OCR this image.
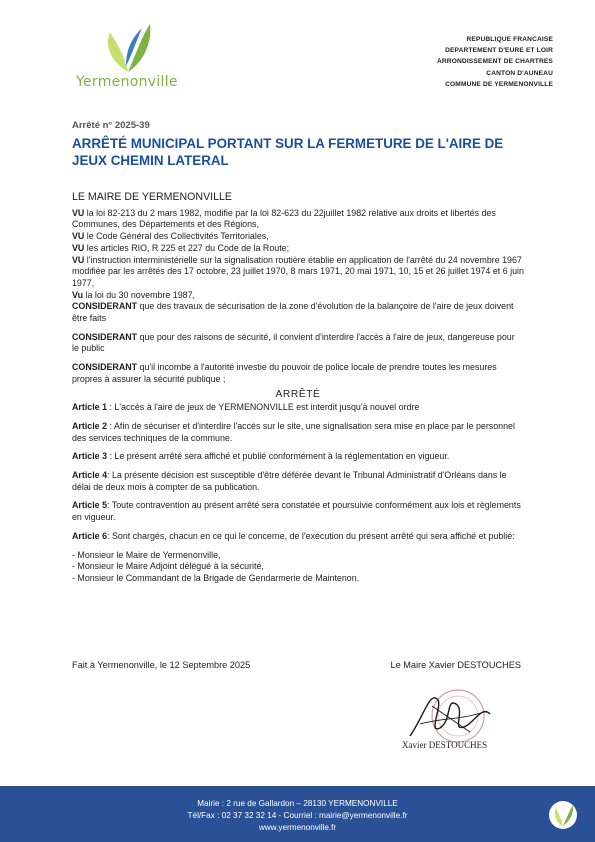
Yermenonville
REPUBLIQUE FRANCAISE
DEPARTEMENT D'EURE ET LOIR
ARRONDISSEMENT DE CHARTRES
CANTON D'AUNEAU
COMMUNE DE YERMENONVILLE
Arrêté n° 2025-39
ARRÊTÉ MUNICIPAL PORTANT SUR LA FERMETURE DE L'AIRE DE JEUX CHEMIN LATERAL

LE MAIRE DE YERMENONVILLE

VU la loi 82-213 du 2 mars 1982, modifie par la loi 82-623 du 22juillet 1982 relative aux droits et libertés des Communes, des Départements et des Régions,

VU le Code Général des Collectivités Territoriales,

VU les articles RIO, R 225 et 227 du Code de la Route;

VU l'instruction interministérielle sur la signalisation routière établie en application de l'arrêté du 24 novembre 1967 modifiée par les arrêtés des 17 octobre, 23 juillet 1970, 8 mars 1971, 20 mai 1971, 10, 15 et 26 juillet 1974 et 6 juin 1977,

Vu la loi du 30 novembre 1987,

CONSIDERANT que des travaux de sécurisation de la zone d'évolution de la balançoire de l'aire de jeux doivent être faits

CONSIDERANT que pour des raisons de sécurité, il convient d'interdire l'accès à l'aire de jeux, dangereuse pour le public

CONSIDERANT qu'il incombe à l'autorité investie du pouvoir de police locale de prendre toutes les mesures propres à assurer la sécurité publique ;

ARRÊTÉ

Article 1 : L'accès à l'aire de jeux de YERMENONVILLE est interdit jusqu'à nouvel ordre

Article 2 : Afin de sécuriser et d'interdire l'accès sur le site, une signalisation sera mise en place par le personnel des services techniques de la commune.

Article 3 : Le présent arrêté sera affiché et publié conformément à la réglementation en vigueur.

Article 4: La présente décision est susceptible d'être déférée devant le Tribunal Administratif d'Orléans dans le délai de deux mois à compter de sa publication.

Article 5: Toute contravention au présent arrêté sera constatée et poursuivie conformément aux lois et règlements en vigueur.

Article 6: Sont chargés, chacun en ce qui le concerne, de l'exécution du présent arrêté qui sera affiché et publié:

- Monsieur le Maire de Yermenonville,

- Monsieur le Maire Adjoint délégué à la sécurité,

- Monsieur le Commandant de la Brigade de Gendarmerie de Maintenon.

Fait à Yermenonville, le 12 Septembre 2025	Le Maire Xavier DESTOUCHES
Xavier DESTOUCHES
Mairie : 2 rue de Gallardon – 28130 YERMENONVILLE
Tél/Fax : 02 37 32 32 14 - Courriel : mairie@yermenonville.fr
www.yermenonville.fr
